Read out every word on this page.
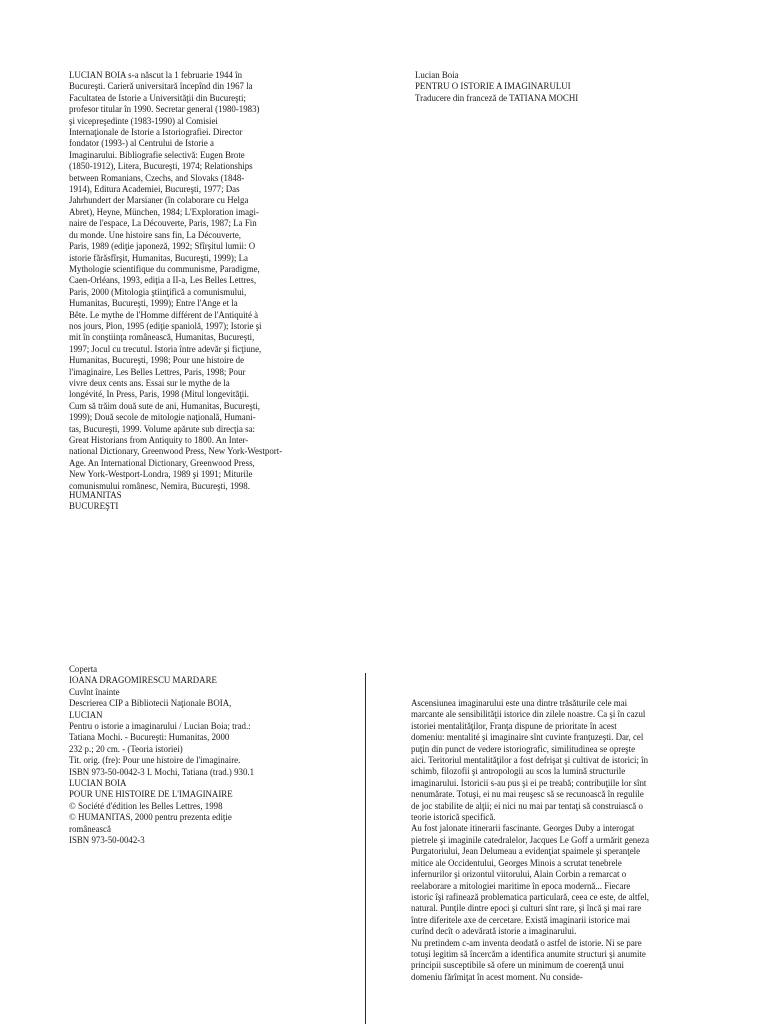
LUCIAN BOIA s-a născut la 1 februarie 1944 în
Bucureşti. Carieră universitară începînd din 1967 la
Facultatea de Istorie a Universităţii din Bucureşti;
profesor titular în 1990. Secretar general (1980-1983)
şi vicepreşedinte (1983-1990) al Comisiei
Internaţionale de Istorie a Istoriografiei. Director
fondator (1993-) al Centrului de Istorie a
Imaginarului. Bibliografie selectivă: Eugen Brote
(1850-1912), Litera, Bucureşti, 1974; Relationships
between Romanians, Czechs, and Slovaks (1848-
1914), Editura Academiei, Bucureşti, 1977; Das
Jahrhundert der Marsianer (în colaborare cu Helga
Abret), Heyne, München, 1984; L'Exploration imagi-
naire de l'espace, La Découverte, Paris, 1987; La Fin
du monde. Une histoire sans fin, La Découverte,
Paris, 1989 (ediţie japoneză, 1992; Sfîrşitul lumii: O
istorie fărăsfîrşit, Humanitas, Bucureşti, 1999); La
Mythologie scientifique du communisme, Paradigme,
Caen-Orléans, 1993, ediţia a II-a, Les Belles Lettres,
Paris, 2000 (Mitologia ştiinţifică a comunismului,
Humanitas, Bucureşti, 1999); Entre l'Ange et la
Bête. Le mythe de l'Homme différent de l'Antiquité à
nos jours, Plon, 1995 (ediţie spaniolă, 1997); Istorie şi
mit în conştiinţa românească, Humanitas, Bucureşti,
1997; Jocul cu trecutul. Istoria între adevăr şi ficţiune,
Humanitas, Bucureşti, 1998; Pour une histoire de
l'imaginaire, Les Belles Lettres, Paris, 1998; Pour
vivre deux cents ans. Essai sur le mythe de la
longévité, In Press, Paris, 1998 (Mitul longevităţii.
Cum să trăim două sute de ani, Humanitas, Bucureşti,
1999); Două secole de mitologie naţională, Humani-
tas, Bucureşti, 1999. Volume apărute sub direcţia sa:
Great Historians from Antiquity to 1800. An Inter-
national Dictionary, Greenwood Press, New York-Westport-
Age. An International Dictionary, Greenwood Press,
New York-Westport-Londra, 1989 şi 1991; Miturile
comunismului românesc, Nemira, Bucureşti, 1998.
HUMANITAS
BUCUREŞTI
Lucian Boia
PENTRU O ISTORIE A IMAGINARULUI
Traducere din franceză de TATIANA MOCHI
Coperta
IOANA DRAGOMIRESCU MARDARE
Cuvînt înainte
Descrierea CIP a Bibliotecii Naţionale BOIA,
LUCIAN
Pentru o istorie a imaginarului / Lucian Boia; trad.:
Tatiana Mochi. - Bucureşti: Humanitas, 2000
232 p.; 20 cm. - (Teoria istoriei)
Tit. orig. (fre): Pour une histoire de l'imaginaire.
ISBN 973-50-0042-3 I. Mochi, Tatiana (trad.) 930.1
LUCIAN BOIA
POUR UNE HISTOIRE DE L'IMAGINAIRE
© Société d'édition les Belles Lettres, 1998
© HUMANITAS, 2000 pentru prezenta ediţie
românească
ISBN 973-50-0042-3
Ascensiunea imaginarului este una dintre trăsăturile cele mai
marcante ale sensibilităţii istorice din zilele noastre. Ca şi în cazul
istoriei mentalităţilor, Franţa dispune de prioritate în acest
domeniu: mentalité şi imaginaire sînt cuvinte franţuzeşti. Dar, cel
puţin din punct de vedere istoriografic, similitudinea se opreşte
aici. Teritoriul mentalităţilor a fost defrişat şi cultivat de istorici; în
schimb, filozofii şi antropologii au scos la lumină structurile
imaginarului. Istoricii s-au pus şi ei pe treabă; contribuţiile lor sînt
nenumărate. Totuşi, ei nu mai reuşesc să se recunoască în regulile
de joc stabilite de alţii; ei nici nu mai par tentaţi să construiască o
teorie istorică specifică.
Au fost jalonate itinerarii fascinante. Georges Duby a interogat
pietrele şi imaginile catedralelor, Jacques Le Goff a urmărit geneza
Purgatoriului, Jean Delumeau a evidenţiat spaimele şi speranţele
mitice ale Occidentului, Georges Minois a scrutat tenebrele
infernurilor şi orizontul viitorului, Alain Corbin a remarcat o
reelaborare a mitologiei maritime în epoca modernă... Fiecare
istoric îşi rafinează problematica particulară, ceea ce este, de altfel,
natural. Punţile dintre epoci şi culturi sînt rare, şi încă şi mai rare
între diferitele axe de cercetare. Există imaginarii istorice mai
curînd decît o adevărată istorie a imaginarului.
Nu pretindem c-am inventa deodată o astfel de istorie. Ni se pare
totuşi legitim să încercăm a identifica anumite structuri şi anumite
principii susceptibile să ofere un minimum de coerenţă unui
domeniu fărîmiţat în acest moment. Nu conside-
